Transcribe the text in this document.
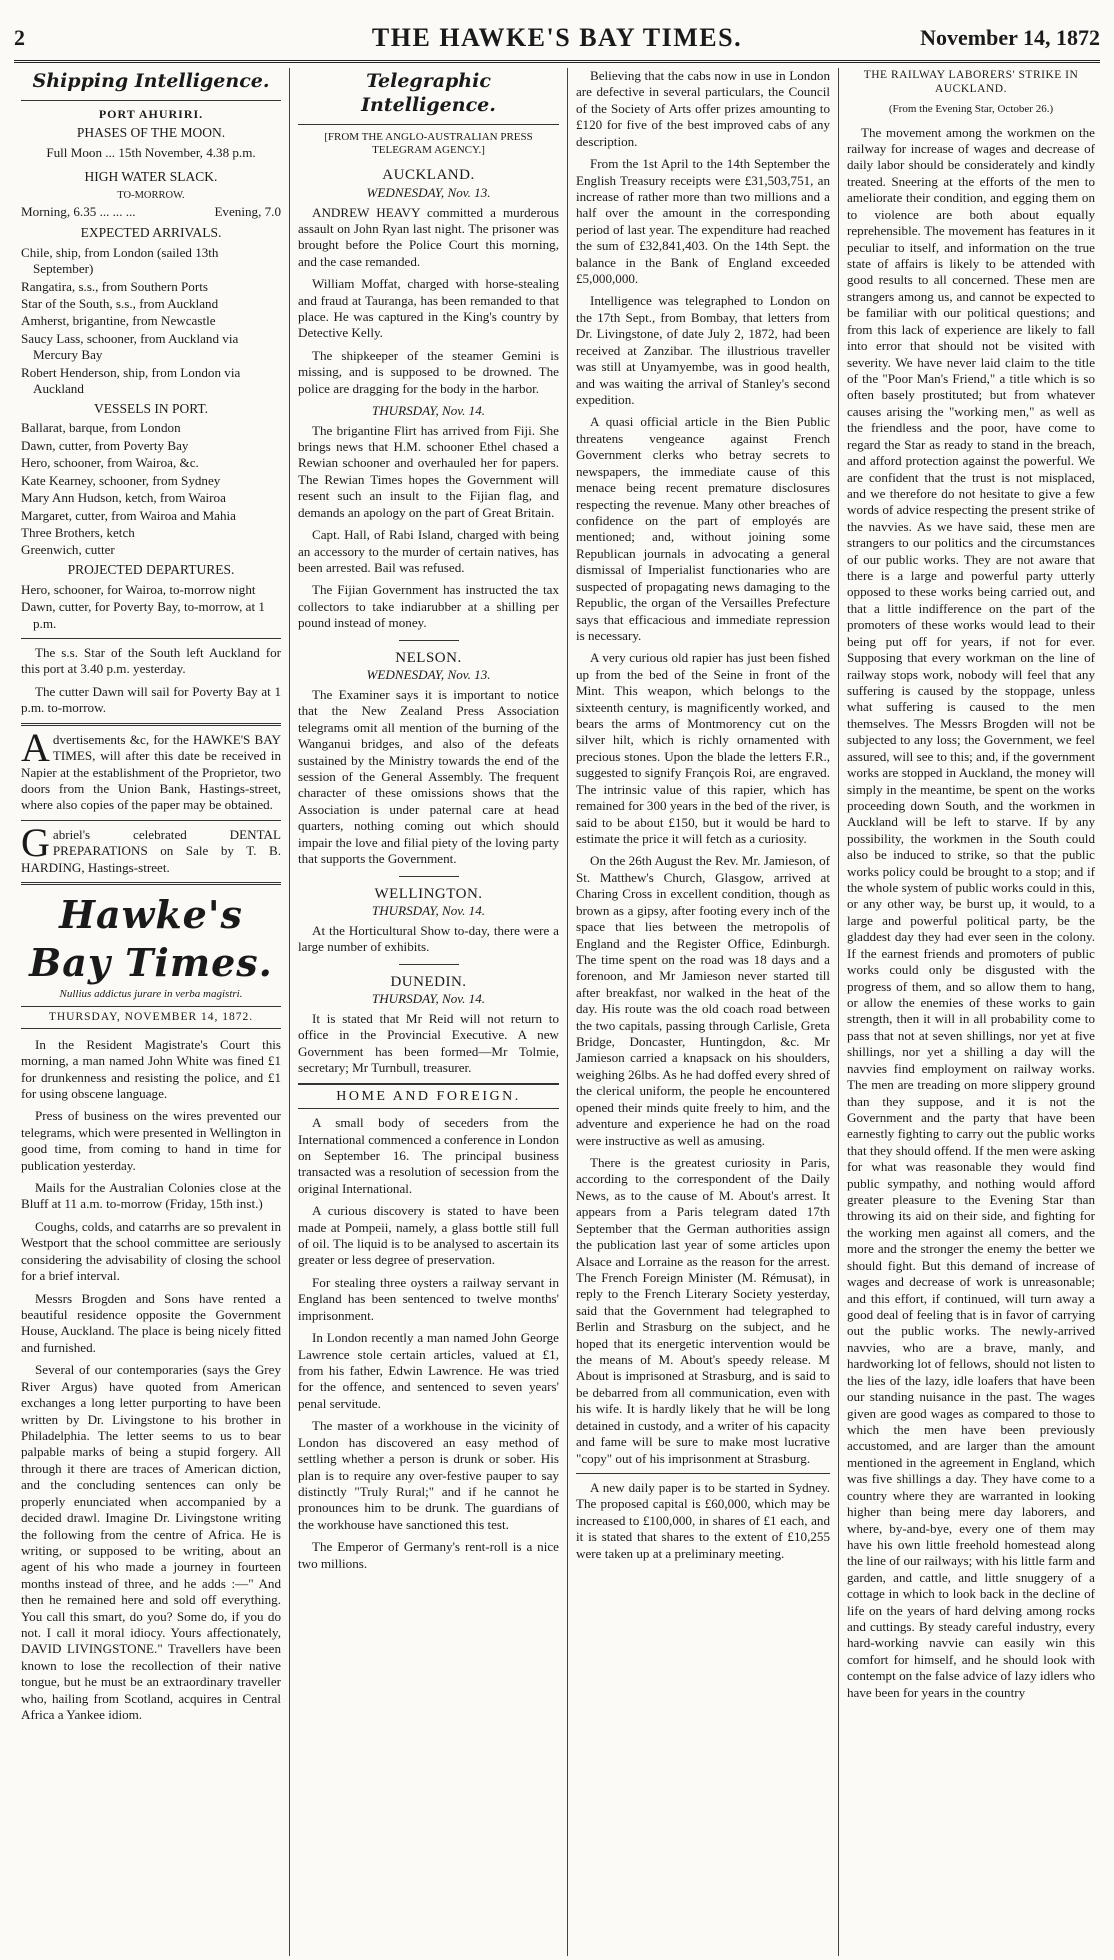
2	THE HAWKE'S BAY TIMES.	November 14, 1872
Shipping Intelligence.
PORT AHURIRI.
PHASES OF THE MOON.
Full Moon ... 15th November, 4.38 p.m.
HIGH WATER SLACK.
TO-MORROW.
Morning, 6.35 ... ... ...	Evening, 7.0
EXPECTED ARRIVALS.
Chile, ship, from London (sailed 13th September)
Rangatira, s.s., from Southern Ports
Star of the South, s.s., from Auckland
Amherst, brigantine, from Newcastle
Saucy Lass, schooner, from Auckland via Mercury Bay
Robert Henderson, ship, from London via Auckland
VESSELS IN PORT.
Ballarat, barque, from London
Dawn, cutter, from Poverty Bay
Hero, schooner, from Wairoa, &c.
Kate Kearney, schooner, from Sydney
Mary Ann Hudson, ketch, from Wairoa
Margaret, cutter, from Wairoa and Mahia
Three Brothers, ketch
Greenwich, cutter
PROJECTED DEPARTURES.
Hero, schooner, for Wairoa, to-morrow night
Dawn, cutter, for Poverty Bay, to-morrow, at 1 p.m.

The s.s. Star of the South left Auckland for this port at 3.40 p.m. yesterday.

The cutter Dawn will sail for Poverty Bay at 1 p.m. to-morrow.

Advertisements &c, for the HAWKE'S BAY TIMES, will after this date be received in Napier at the establishment of the Proprietor, two doors from the Union Bank, Hastings-street, where also copies of the paper may be obtained.

Gabriel's celebrated DENTAL PREPARATIONS on Sale by T. B. HARDING, Hastings-street.

Hawke's Bay Times.
Nullius addictus jurare in verba magistri.
THURSDAY, NOVEMBER 14, 1872.

In the Resident Magistrate's Court this morning, a man named John White was fined £1 for drunkenness and resisting the police, and £1 for using obscene language.

Press of business on the wires prevented our telegrams, which were presented in Wellington in good time, from coming to hand in time for publication yesterday.

Mails for the Australian Colonies close at the Bluff at 11 a.m. to-morrow (Friday, 15th inst.)

Coughs, colds, and catarrhs are so prevalent in Westport that the school committee are seriously considering the advisability of closing the school for a brief interval.

Messrs Brogden and Sons have rented a beautiful residence opposite the Government House, Auckland. The place is being nicely fitted and furnished.

Several of our contemporaries (says the Grey River Argus) have quoted from American exchanges a long letter purporting to have been written by Dr. Livingstone to his brother in Philadelphia. The letter seems to us to bear palpable marks of being a stupid forgery. All through it there are traces of American diction, and the concluding sentences can only be properly enunciated when accompanied by a decided drawl. Imagine Dr. Livingstone writing the following from the centre of Africa. He is writing, or supposed to be writing, about an agent of his who made a journey in fourteen months instead of three, and he adds :—" And then he remained here and sold off everything. You call this smart, do you? Some do, if you do not. I call it moral idiocy. Yours affectionately, DAVID LIVINGSTONE." Travellers have been known to lose the recollection of their native tongue, but he must be an extraordinary traveller who, hailing from Scotland, acquires in Central Africa a Yankee idiom.

Telegraphic Intelligence.
[FROM THE ANGLO-AUSTRALIAN PRESS TELEGRAM AGENCY.]
AUCKLAND.
WEDNESDAY, Nov. 13.

ANDREW HEAVY committed a murderous assault on John Ryan last night. The prisoner was brought before the Police Court this morning, and the case remanded.

William Moffat, charged with horse-stealing and fraud at Tauranga, has been remanded to that place. He was captured in the King's country by Detective Kelly.

The shipkeeper of the steamer Gemini is missing, and is supposed to be drowned. The police are dragging for the body in the harbor.

THURSDAY, Nov. 14.

The brigantine Flirt has arrived from Fiji. She brings news that H.M. schooner Ethel chased a Rewian schooner and overhauled her for papers. The Rewian Times hopes the Government will resent such an insult to the Fijian flag, and demands an apology on the part of Great Britain.

Capt. Hall, of Rabi Island, charged with being an accessory to the murder of certain natives, has been arrested. Bail was refused.

The Fijian Government has instructed the tax collectors to take indiarubber at a shilling per pound instead of money.

NELSON.
WEDNESDAY, Nov. 13.

The Examiner says it is important to notice that the New Zealand Press Association telegrams omit all mention of the burning of the Wanganui bridges, and also of the defeats sustained by the Ministry towards the end of the session of the General Assembly. The frequent character of these omissions shows that the Association is under paternal care at head quarters, nothing coming out which should impair the love and filial piety of the loving party that supports the Government.

WELLINGTON.
THURSDAY, Nov. 14.

At the Horticultural Show to-day, there were a large number of exhibits.

DUNEDIN.
THURSDAY, Nov. 14.

It is stated that Mr Reid will not return to office in the Provincial Executive. A new Government has been formed—Mr Tolmie, secretary; Mr Turnbull, treasurer.

HOME AND FOREIGN.

A small body of seceders from the International commenced a conference in London on September 16. The principal business transacted was a resolution of secession from the original International.

A curious discovery is stated to have been made at Pompeii, namely, a glass bottle still full of oil. The liquid is to be analysed to ascertain its greater or less degree of preservation.

For stealing three oysters a railway servant in England has been sentenced to twelve months' imprisonment.

In London recently a man named John George Lawrence stole certain articles, valued at £1, from his father, Edwin Lawrence. He was tried for the offence, and sentenced to seven years' penal servitude.

The master of a workhouse in the vicinity of London has discovered an easy method of settling whether a person is drunk or sober. His plan is to require any over-festive pauper to say distinctly "Truly Rural;" and if he cannot he pronounces him to be drunk. The guardians of the workhouse have sanctioned this test.

The Emperor of Germany's rent-roll is a nice two millions.

Believing that the cabs now in use in London are defective in several particulars, the Council of the Society of Arts offer prizes amounting to £120 for five of the best improved cabs of any description.

From the 1st April to the 14th September the English Treasury receipts were £31,503,751, an increase of rather more than two millions and a half over the amount in the corresponding period of last year. The expenditure had reached the sum of £32,841,403. On the 14th Sept. the balance in the Bank of England exceeded £5,000,000.

Intelligence was telegraphed to London on the 17th Sept., from Bombay, that letters from Dr. Livingstone, of date July 2, 1872, had been received at Zanzibar. The illustrious traveller was still at Unyamyembe, was in good health, and was waiting the arrival of Stanley's second expedition.

A quasi official article in the Bien Public threatens vengeance against French Government clerks who betray secrets to newspapers, the immediate cause of this menace being recent premature disclosures respecting the revenue. Many other breaches of confidence on the part of employés are mentioned; and, without joining some Republican journals in advocating a general dismissal of Imperialist functionaries who are suspected of propagating news damaging to the Republic, the organ of the Versailles Prefecture says that efficacious and immediate repression is necessary.

A very curious old rapier has just been fished up from the bed of the Seine in front of the Mint. This weapon, which belongs to the sixteenth century, is magnificently worked, and bears the arms of Montmorency cut on the silver hilt, which is richly ornamented with precious stones. Upon the blade the letters F.R., suggested to signify François Roi, are engraved. The intrinsic value of this rapier, which has remained for 300 years in the bed of the river, is said to be about £150, but it would be hard to estimate the price it will fetch as a curiosity.

On the 26th August the Rev. Mr. Jamieson, of St. Matthew's Church, Glasgow, arrived at Charing Cross in excellent condition, though as brown as a gipsy, after footing every inch of the space that lies between the metropolis of England and the Register Office, Edinburgh. The time spent on the road was 18 days and a forenoon, and Mr Jamieson never started till after breakfast, nor walked in the heat of the day. His route was the old coach road between the two capitals, passing through Carlisle, Greta Bridge, Doncaster, Huntingdon, &c. Mr Jamieson carried a knapsack on his shoulders, weighing 26lbs. As he had doffed every shred of the clerical uniform, the people he encountered opened their minds quite freely to him, and the adventure and experience he had on the road were instructive as well as amusing.

There is the greatest curiosity in Paris, according to the correspondent of the Daily News, as to the cause of M. About's arrest. It appears from a Paris telegram dated 17th September that the German authorities assign the publication last year of some articles upon Alsace and Lorraine as the reason for the arrest. The French Foreign Minister (M. Rémusat), in reply to the French Literary Society yesterday, said that the Government had telegraphed to Berlin and Strasburg on the subject, and he hoped that its energetic intervention would be the means of M. About's speedy release. M About is imprisoned at Strasburg, and is said to be debarred from all communication, even with his wife. It is hardly likely that he will be long detained in custody, and a writer of his capacity and fame will be sure to make most lucrative "copy" out of his imprisonment at Strasburg.

A new daily paper is to be started in Sydney. The proposed capital is £60,000, which may be increased to £100,000, in shares of £1 each, and it is stated that shares to the extent of £10,255 were taken up at a preliminary meeting.

THE RAILWAY LABORERS' STRIKE IN AUCKLAND.
(From the Evening Star, October 26.)

The movement among the workmen on the railway for increase of wages and decrease of daily labor should be considerately and kindly treated. Sneering at the efforts of the men to ameliorate their condition, and egging them on to violence are both about equally reprehensible. The movement has features in it peculiar to itself, and information on the true state of affairs is likely to be attended with good results to all concerned. These men are strangers among us, and cannot be expected to be familiar with our political questions; and from this lack of experience are likely to fall into error that should not be visited with severity. We have never laid claim to the title of the "Poor Man's Friend," a title which is so often basely prostituted; but from whatever causes arising the "working men," as well as the friendless and the poor, have come to regard the Star as ready to stand in the breach, and afford protection against the powerful. We are confident that the trust is not misplaced, and we therefore do not hesitate to give a few words of advice respecting the present strike of the navvies. As we have said, these men are strangers to our politics and the circumstances of our public works. They are not aware that there is a large and powerful party utterly opposed to these works being carried out, and that a little indifference on the part of the promoters of these works would lead to their being put off for years, if not for ever. Supposing that every workman on the line of railway stops work, nobody will feel that any suffering is caused by the stoppage, unless what suffering is caused to the men themselves. The Messrs Brogden will not be subjected to any loss; the Government, we feel assured, will see to this; and, if the government works are stopped in Auckland, the money will simply in the meantime, be spent on the works proceeding down South, and the workmen in Auckland will be left to starve. If by any possibility, the workmen in the South could also be induced to strike, so that the public works policy could be brought to a stop; and if the whole system of public works could in this, or any other way, be burst up, it would, to a large and powerful political party, be the gladdest day they had ever seen in the colony. If the earnest friends and promoters of public works could only be disgusted with the progress of them, and so allow them to hang, or allow the enemies of these works to gain strength, then it will in all probability come to pass that not at seven shillings, nor yet at five shillings, nor yet a shilling a day will the navvies find employment on railway works. The men are treading on more slippery ground than they suppose, and it is not the Government and the party that have been earnestly fighting to carry out the public works that they should offend. If the men were asking for what was reasonable they would find public sympathy, and nothing would afford greater pleasure to the Evening Star than throwing its aid on their side, and fighting for the working men against all comers, and the more and the stronger the enemy the better we should fight. But this demand of increase of wages and decrease of work is unreasonable; and this effort, if continued, will turn away a good deal of feeling that is in favor of carrying out the public works. The newly-arrived navvies, who are a brave, manly, and hardworking lot of fellows, should not listen to the lies of the lazy, idle loafers that have been our standing nuisance in the past. The wages given are good wages as compared to those to which the men have been previously accustomed, and are larger than the amount mentioned in the agreement in England, which was five shillings a day. They have come to a country where they are warranted in looking higher than being mere day laborers, and where, by-and-bye, every one of them may have his own little freehold homestead along the line of our railways; with his little farm and garden, and cattle, and little snuggery of a cottage in which to look back in the decline of life on the years of hard delving among rocks and cuttings. By steady careful industry, every hard-working navvie can easily win this comfort for himself, and he should look with contempt on the false advice of lazy idlers who have been for years in the country
